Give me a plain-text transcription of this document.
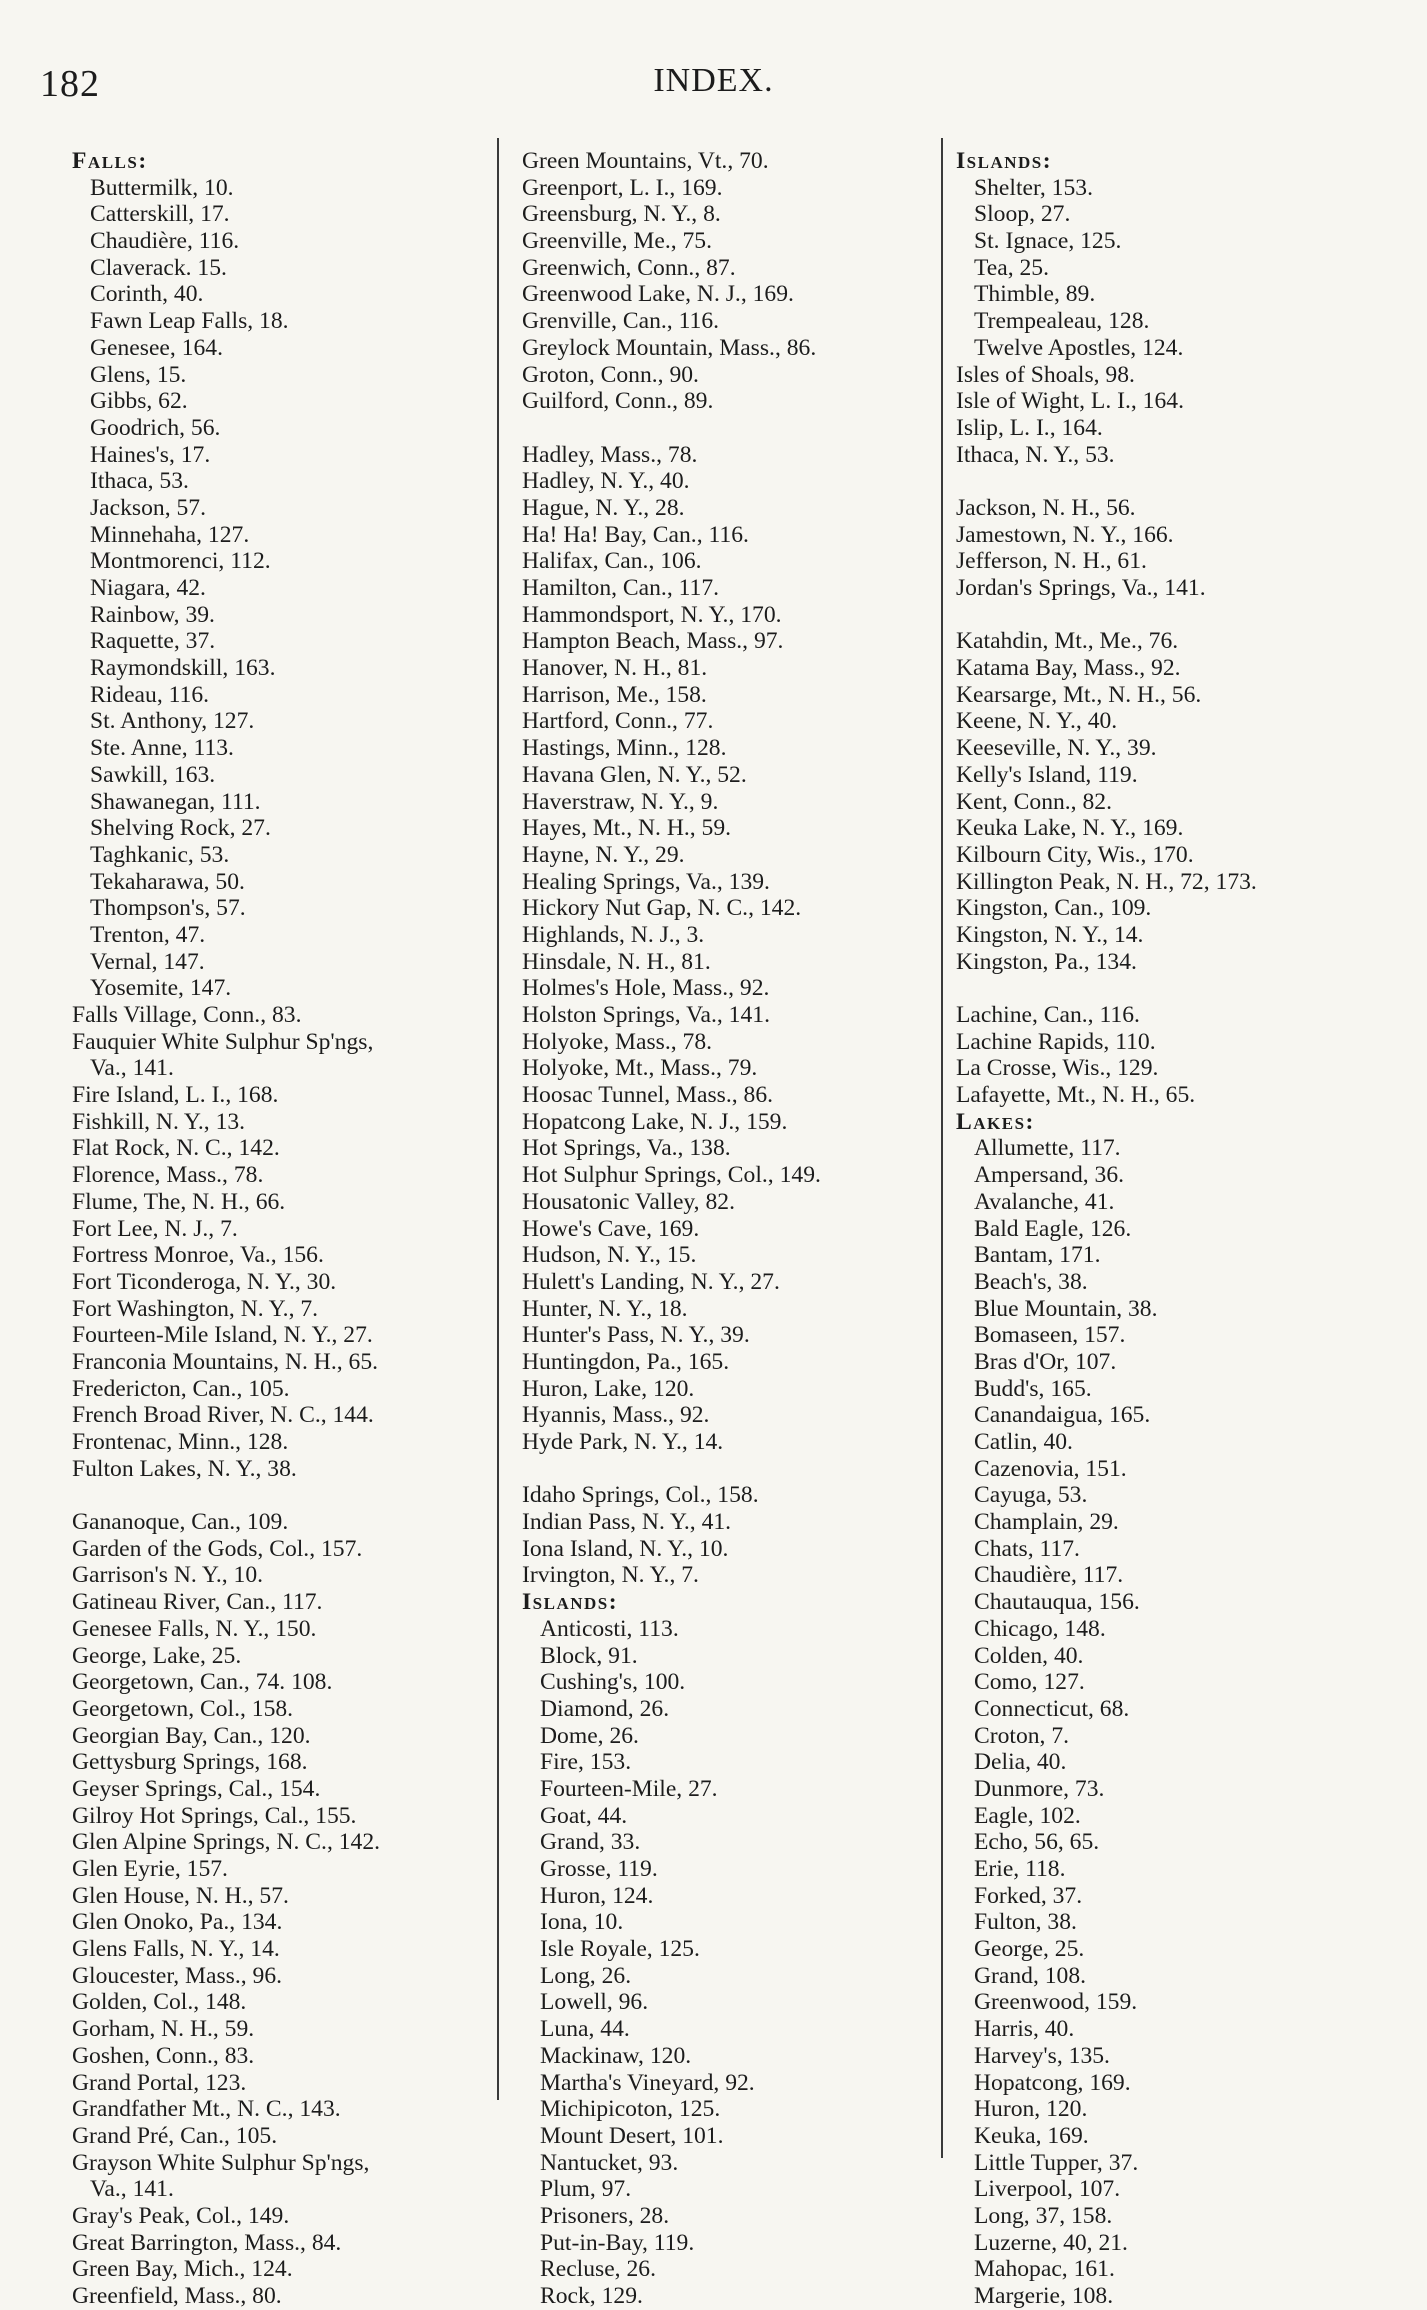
182	INDEX.
Falls:
Buttermilk, 10.
Catterskill, 17.
Chaudière, 116.
Claverack. 15.
Corinth, 40.
Fawn Leap Falls, 18.
Genesee, 164.
Glens, 15.
Gibbs, 62.
Goodrich, 56.
Haines's, 17.
Ithaca, 53.
Jackson, 57.
Minnehaha, 127.
Montmorenci, 112.
Niagara, 42.
Rainbow, 39.
Raquette, 37.
Raymondskill, 163.
Rideau, 116.
St. Anthony, 127.
Ste. Anne, 113.
Sawkill, 163.
Shawanegan, 111.
Shelving Rock, 27.
Taghkanic, 53.
Tekaharawa, 50.
Thompson's, 57.
Trenton, 47.
Vernal, 147.
Yosemite, 147.
Falls Village, Conn., 83.
Fauquier White Sulphur Sp'ngs,
Va., 141.
Fire Island, L. I., 168.
Fishkill, N. Y., 13.
Flat Rock, N. C., 142.
Florence, Mass., 78.
Flume, The, N. H., 66.
Fort Lee, N. J., 7.
Fortress Monroe, Va., 156.
Fort Ticonderoga, N. Y., 30.
Fort Washington, N. Y., 7.
Fourteen-Mile Island, N. Y., 27.
Franconia Mountains, N. H., 65.
Fredericton, Can., 105.
French Broad River, N. C., 144.
Frontenac, Minn., 128.
Fulton Lakes, N. Y., 38.
Gananoque, Can., 109.
Garden of the Gods, Col., 157.
Garrison's N. Y., 10.
Gatineau River, Can., 117.
Genesee Falls, N. Y., 150.
George, Lake, 25.
Georgetown, Can., 74. 108.
Georgetown, Col., 158.
Georgian Bay, Can., 120.
Gettysburg Springs, 168.
Geyser Springs, Cal., 154.
Gilroy Hot Springs, Cal., 155.
Glen Alpine Springs, N. C., 142.
Glen Eyrie, 157.
Glen House, N. H., 57.
Glen Onoko, Pa., 134.
Glens Falls, N. Y., 14.
Gloucester, Mass., 96.
Golden, Col., 148.
Gorham, N. H., 59.
Goshen, Conn., 83.
Grand Portal, 123.
Grandfather Mt., N. C., 143.
Grand Pré, Can., 105.
Grayson White Sulphur Sp'ngs,
Va., 141.
Gray's Peak, Col., 149.
Great Barrington, Mass., 84.
Green Bay, Mich., 124.
Greenfield, Mass., 80.
Green Mountains, Vt., 70.
Greenport, L. I., 169.
Greensburg, N. Y., 8.
Greenville, Me., 75.
Greenwich, Conn., 87.
Greenwood Lake, N. J., 169.
Grenville, Can., 116.
Greylock Mountain, Mass., 86.
Groton, Conn., 90.
Guilford, Conn., 89.
Hadley, Mass., 78.
Hadley, N. Y., 40.
Hague, N. Y., 28.
Ha! Ha! Bay, Can., 116.
Halifax, Can., 106.
Hamilton, Can., 117.
Hammondsport, N. Y., 170.
Hampton Beach, Mass., 97.
Hanover, N. H., 81.
Harrison, Me., 158.
Hartford, Conn., 77.
Hastings, Minn., 128.
Havana Glen, N. Y., 52.
Haverstraw, N. Y., 9.
Hayes, Mt., N. H., 59.
Hayne, N. Y., 29.
Healing Springs, Va., 139.
Hickory Nut Gap, N. C., 142.
Highlands, N. J., 3.
Hinsdale, N. H., 81.
Holmes's Hole, Mass., 92.
Holston Springs, Va., 141.
Holyoke, Mass., 78.
Holyoke, Mt., Mass., 79.
Hoosac Tunnel, Mass., 86.
Hopatcong Lake, N. J., 159.
Hot Springs, Va., 138.
Hot Sulphur Springs, Col., 149.
Housatonic Valley, 82.
Howe's Cave, 169.
Hudson, N. Y., 15.
Hulett's Landing, N. Y., 27.
Hunter, N. Y., 18.
Hunter's Pass, N. Y., 39.
Huntingdon, Pa., 165.
Huron, Lake, 120.
Hyannis, Mass., 92.
Hyde Park, N. Y., 14.
Idaho Springs, Col., 158.
Indian Pass, N. Y., 41.
Iona Island, N. Y., 10.
Irvington, N. Y., 7.
Islands:
Anticosti, 113.
Block, 91.
Cushing's, 100.
Diamond, 26.
Dome, 26.
Fire, 153.
Fourteen-Mile, 27.
Goat, 44.
Grand, 33.
Grosse, 119.
Huron, 124.
Iona, 10.
Isle Royale, 125.
Long, 26.
Lowell, 96.
Luna, 44.
Mackinaw, 120.
Martha's Vineyard, 92.
Michipicoton, 125.
Mount Desert, 101.
Nantucket, 93.
Plum, 97.
Prisoners, 28.
Put-in-Bay, 119.
Recluse, 26.
Rock, 129.
Islands:
Shelter, 153.
Sloop, 27.
St. Ignace, 125.
Tea, 25.
Thimble, 89.
Trempealeau, 128.
Twelve Apostles, 124.
Isles of Shoals, 98.
Isle of Wight, L. I., 164.
Islip, L. I., 164.
Ithaca, N. Y., 53.
Jackson, N. H., 56.
Jamestown, N. Y., 166.
Jefferson, N. H., 61.
Jordan's Springs, Va., 141.
Katahdin, Mt., Me., 76.
Katama Bay, Mass., 92.
Kearsarge, Mt., N. H., 56.
Keene, N. Y., 40.
Keeseville, N. Y., 39.
Kelly's Island, 119.
Kent, Conn., 82.
Keuka Lake, N. Y., 169.
Kilbourn City, Wis., 170.
Killington Peak, N. H., 72, 173.
Kingston, Can., 109.
Kingston, N. Y., 14.
Kingston, Pa., 134.
Lachine, Can., 116.
Lachine Rapids, 110.
La Crosse, Wis., 129.
Lafayette, Mt., N. H., 65.
Lakes:
Allumette, 117.
Ampersand, 36.
Avalanche, 41.
Bald Eagle, 126.
Bantam, 171.
Beach's, 38.
Blue Mountain, 38.
Bomaseen, 157.
Bras d'Or, 107.
Budd's, 165.
Canandaigua, 165.
Catlin, 40.
Cazenovia, 151.
Cayuga, 53.
Champlain, 29.
Chats, 117.
Chaudière, 117.
Chautauqua, 156.
Chicago, 148.
Colden, 40.
Como, 127.
Connecticut, 68.
Croton, 7.
Delia, 40.
Dunmore, 73.
Eagle, 102.
Echo, 56, 65.
Erie, 118.
Forked, 37.
Fulton, 38.
George, 25.
Grand, 108.
Greenwood, 159.
Harris, 40.
Harvey's, 135.
Hopatcong, 169.
Huron, 120.
Keuka, 169.
Little Tupper, 37.
Liverpool, 107.
Long, 37, 158.
Luzerne, 40, 21.
Mahopac, 161.
Margerie, 108.
